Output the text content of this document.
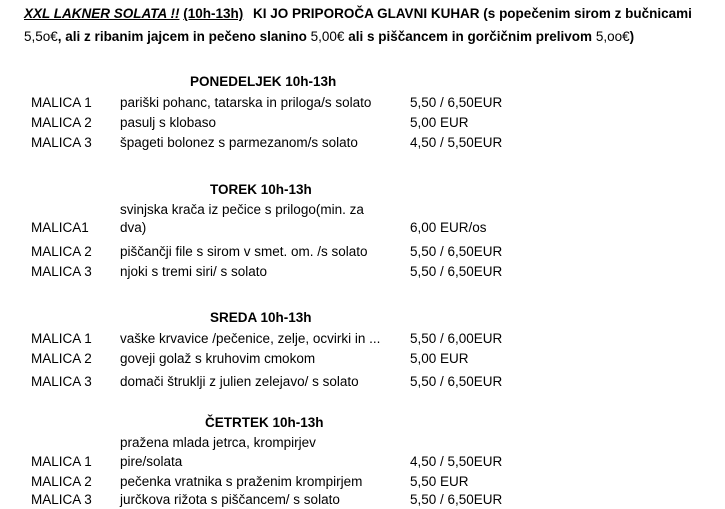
XXL LAKNER SOLATA !! (10h-13h) KI JO PRIPOROČA GLAVNI KUHAR (s popečenim sirom z bučnicami
5,5o€, ali z ribanim jajcem in pečeno slanino 5,00€ ali s piščancem in gorčičnim prelivom 5,oo€)
PONEDELJEK 10h-13h
MALICA 1 pariški pohanc, tatarska in priloga/s solato	5,50 / 6,50EUR
MALICA 2 pasulj s klobaso	5,00 EUR
MALICA 3 špageti bolonez s parmezanom/s solato	4,50 / 5,50EUR
TOREK 10h-13h
svinjska krača iz pečice s prilogo(min. za
MALICA1 dva)	6,00 EUR/os
MALICA 2 piščančji file s sirom v smet. om. /s solato	5,50 / 6,50EUR
MALICA 3 njoki s tremi siri/ s solato	5,50 / 6,50EUR
SREDA 10h-13h
MALICA 1 vaške krvavice /pečenice, zelje, ocvirki in ...	5,50 / 6,00EUR
MALICA 2 goveji golaž s kruhovim cmokom	5,00 EUR
MALICA 3 domači štruklji z julien zelejavo/ s solato	5,50 / 6,50EUR
ČETRTEK 10h-13h
pražena mlada jetrca, krompirjev
MALICA 1 pire/solata	4,50 / 5,50EUR
MALICA 2 pečenka vratnika s praženim krompirjem	5,50 EUR
MALICA 3 jurčkova rižota s piščancem/ s solato	5,50 / 6,50EUR
